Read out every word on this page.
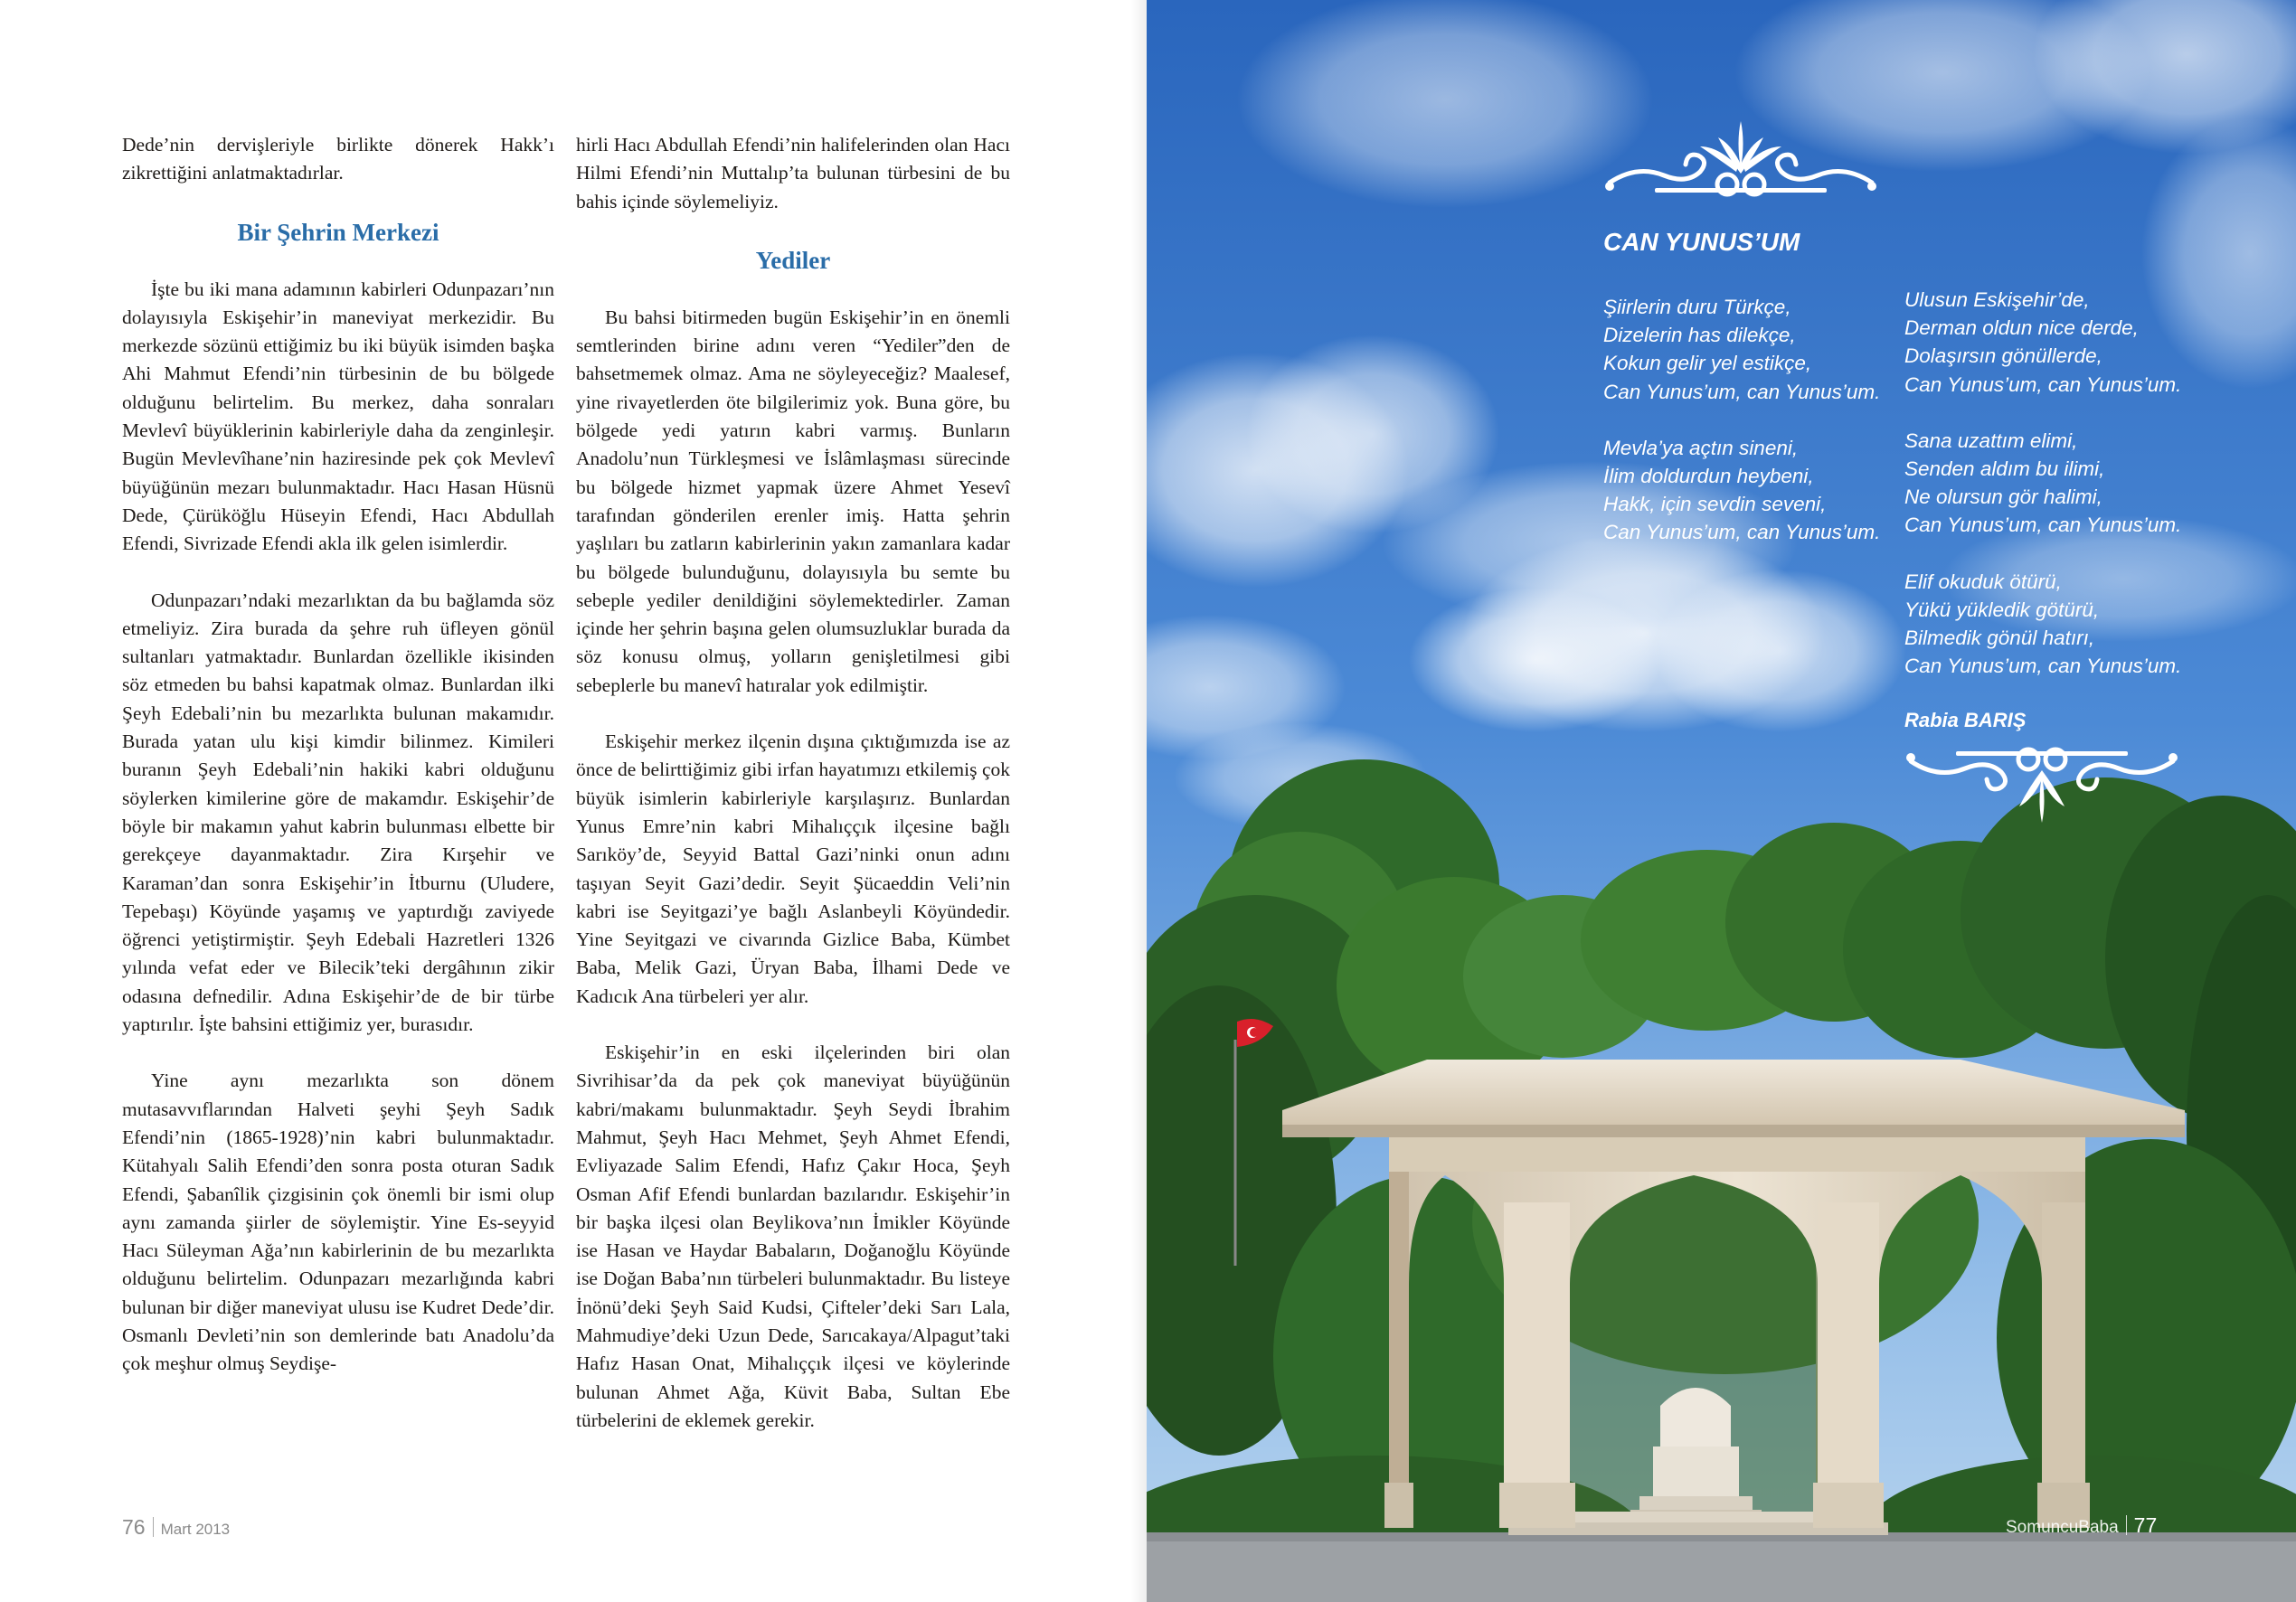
Dede’nin dervişleriyle birlikte dönerek Hakk’ı zikrettiğini anlatmaktadırlar.

Bir Şehrin Merkezi

İşte bu iki mana adamının kabirleri Odunpazarı’nın dolayısıyla Eskişehir’in maneviyat merkezidir. Bu merkezde sözünü ettiğimiz bu iki büyük isimden başka Ahi Mahmut Efendi’nin türbesinin de bu bölgede olduğunu belirtelim. Bu merkez, daha sonraları Mevlevî büyüklerinin kabirleriyle daha da zenginleşir. Bugün Mevlevîhane’nin haziresinde pek çok Mevlevî büyüğünün mezarı bulunmaktadır. Hacı Hasan Hüsnü Dede, Çürüköğlu Hüseyin Efendi, Hacı Abdullah Efendi, Sivrizade Efendi akla ilk gelen isimlerdir.

Odunpazarı’ndaki mezarlıktan da bu bağlamda söz etmeliyiz. Zira burada da şehre ruh üfleyen gönül sultanları yatmaktadır. Bunlardan özellikle ikisinden söz etmeden bu bahsi kapatmak olmaz. Bunlardan ilki Şeyh Edebali’nin bu mezarlıkta bulunan makamıdır. Burada yatan ulu kişi kimdir bilinmez. Kimileri buranın Şeyh Edebali’nin hakiki kabri olduğunu söylerken kimilerine göre de makamdır. Eskişehir’de böyle bir makamın yahut kabrin bulunması elbette bir gerekçeye dayanmaktadır. Zira Kırşehir ve Karaman’dan sonra Eskişehir’in İtburnu (Uludere, Tepebaşı) Köyünde yaşamış ve yaptırdığı zaviyede öğrenci yetiştirmiştir. Şeyh Edebali Hazretleri 1326 yılında vefat eder ve Bilecik’teki dergâhının zikir odasına defnedilir. Adına Eskişehir’de de bir türbe yaptırılır. İşte bahsini ettiğimiz yer, burasıdır.

Yine aynı mezarlıkta son dönem mutasavvıflarından Halveti şeyhi Şeyh Sadık Efendi’nin (1865-1928)’nin kabri bulunmaktadır. Kütahyalı Salih Efendi’den sonra posta oturan Sadık Efendi, Şabanîlik çizgisinin çok önemli bir ismi olup aynı zamanda şiirler de söylemiştir. Yine Es-seyyid Hacı Süleyman Ağa’nın kabirlerinin de bu mezarlıkta olduğunu belirtelim. Odunpazarı mezarlığında kabri bulunan bir diğer maneviyat ulusu ise Kudret Dede’dir. Osmanlı Devleti’nin son demlerinde batı Anadolu’da çok meşhur olmuş Seydişe-

hirli Hacı Abdullah Efendi’nin halifelerinden olan Hacı Hilmi Efendi’nin Muttalıp’ta bulunan türbesini de bu bahis içinde söylemeliyiz.

Yediler

Bu bahsi bitirmeden bugün Eskişehir’in en önemli semtlerinden birine adını veren “Yediler”den de bahsetmemek olmaz. Ama ne söyleyeceğiz? Maalesef, yine rivayetlerden öte bilgilerimiz yok. Buna göre, bu bölgede yedi yatırın kabri varmış. Bunların Anadolu’nun Türkleşmesi ve İslâmlaşması sürecinde bu bölgede hizmet yapmak üzere Ahmet Yesevî tarafından gönderilen erenler imiş. Hatta şehrin yaşlıları bu zatların kabirlerinin yakın zamanlara kadar bu bölgede bulunduğunu, dolayısıyla bu semte bu sebeple yediler denildiğini söylemektedirler. Zaman içinde her şehrin başına gelen olumsuzluklar burada da söz konusu olmuş, yolların genişletilmesi gibi sebeplerle bu manevî hatıralar yok edilmiştir.

Eskişehir merkez ilçenin dışına çıktığımızda ise az önce de belirttiğimiz gibi irfan hayatımızı etkilemiş çok büyük isimlerin kabirleriyle karşılaşırız. Bunlardan Yunus Emre’nin kabri Mihalıççık ilçesine bağlı Sarıköy’de, Seyyid Battal Gazi’ninki onun adını taşıyan Seyit Gazi’dedir. Seyit Şücaeddin Veli’nin kabri ise Seyitgazi’ye bağlı Aslanbeyli Köyündedir. Yine Seyitgazi ve civarında Gizlice Baba, Kümbet Baba, Melik Gazi, Üryan Baba, İlhami Dede ve Kadıcık Ana türbeleri yer alır.

Eskişehir’in en eski ilçelerinden biri olan Sivrihisar’da da pek çok maneviyat büyüğünün kabri/makamı bulunmaktadır. Şeyh Seydi İbrahim Mahmut, Şeyh Hacı Mehmet, Şeyh Ahmet Efendi, Evliyazade Salim Efendi, Hafız Çakır Hoca, Şeyh Osman Afif Efendi bunlardan bazılarıdır. Eskişehir’in bir başka ilçesi olan Beylikova’nın İmikler Köyünde ise Hasan ve Haydar Babaların, Doğanoğlu Köyünde ise Doğan Baba’nın türbeleri bulunmaktadır. Bu listeye İnönü’deki Şeyh Said Kudsi, Çifteler’deki Sarı Lala, Mahmudiye’deki Uzun Dede, Sarıcakaya/Alpagut’taki Hafız Hasan Onat, Mihalıççık ilçesi ve köylerinde bulunan Ahmet Ağa, Küvit Baba, Sultan Ebe türbelerini de eklemek gerekir.

76 Mart 2013
CAN YUNUS’UM
Şiirlerin duru Türkçe,
Dizelerin has dilekçe,
Kokun gelir yel estikçe,
Can Yunus’um, can Yunus’um.
Mevla’ya açtın sineni,
İlim doldurdun heybeni,
Hakk, için sevdin seveni,
Can Yunus’um, can Yunus’um.
Ulusun Eskişehir’de,
Derman oldun nice derde,
Dolaşırsın gönüllerde,
Can Yunus’um, can Yunus’um.
Sana uzattım elimi,
Senden aldım bu ilimi,
Ne olursun gör halimi,
Can Yunus’um, can Yunus’um.
Elif okuduk ötürü,
Yükü yükledik götürü,
Bilmedik gönül hatırı,
Can Yunus’um, can Yunus’um.
Rabia BARIŞ
SomuncuBaba 77
